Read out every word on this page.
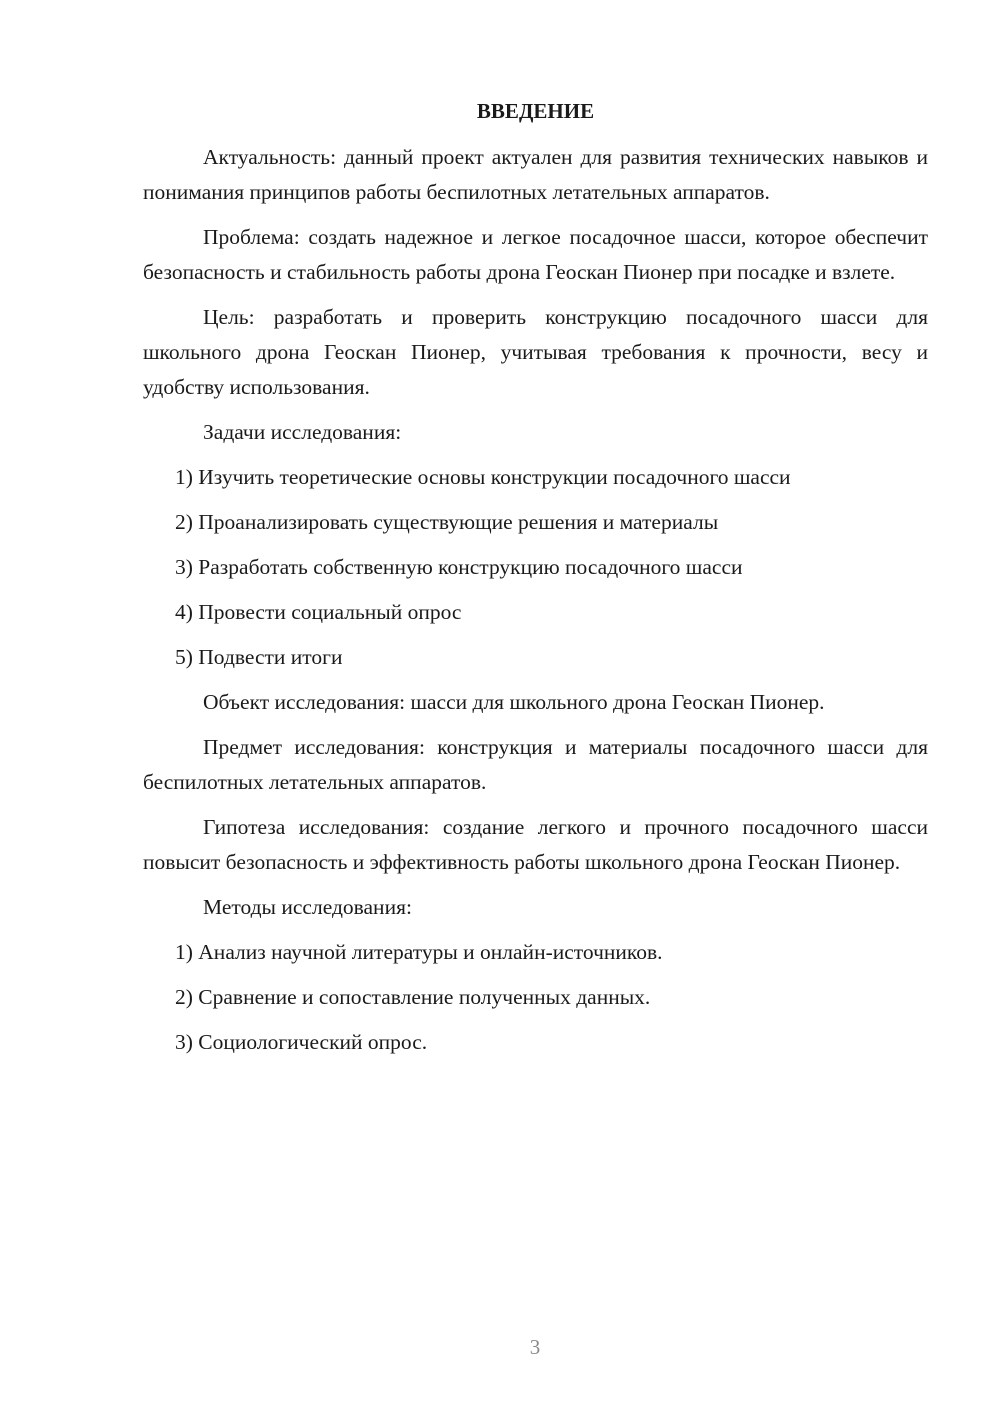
ВВЕДЕНИЕ

Актуальность: данный проект актуален для развития технических навыков и понимания принципов работы беспилотных летательных аппаратов.

Проблема: создать надежное и легкое посадочное шасси, которое обеспечит безопасность и стабильность работы дрона Геоскан Пионер при посадке и взлете.

Цель: разработать и проверить конструкцию посадочного шасси для школьного дрона Геоскан Пионер, учитывая требования к прочности, весу и удобству использования.

Задачи исследования:

1) Изучить теоретические основы конструкции посадочного шасси

2) Проанализировать существующие решения и материалы

3) Разработать собственную конструкцию посадочного шасси

4) Провести социальный опрос

5) Подвести итоги

Объект исследования: шасси для школьного дрона Геоскан Пионер.

Предмет исследования: конструкция и материалы посадочного шасси для беспилотных летательных аппаратов.

Гипотеза исследования: создание легкого и прочного посадочного шасси повысит безопасность и эффективность работы школьного дрона Геоскан Пионер.

Методы исследования:

1) Анализ научной литературы и онлайн-источников.

2) Сравнение и сопоставление полученных данных.

3) Социологический опрос.

3
